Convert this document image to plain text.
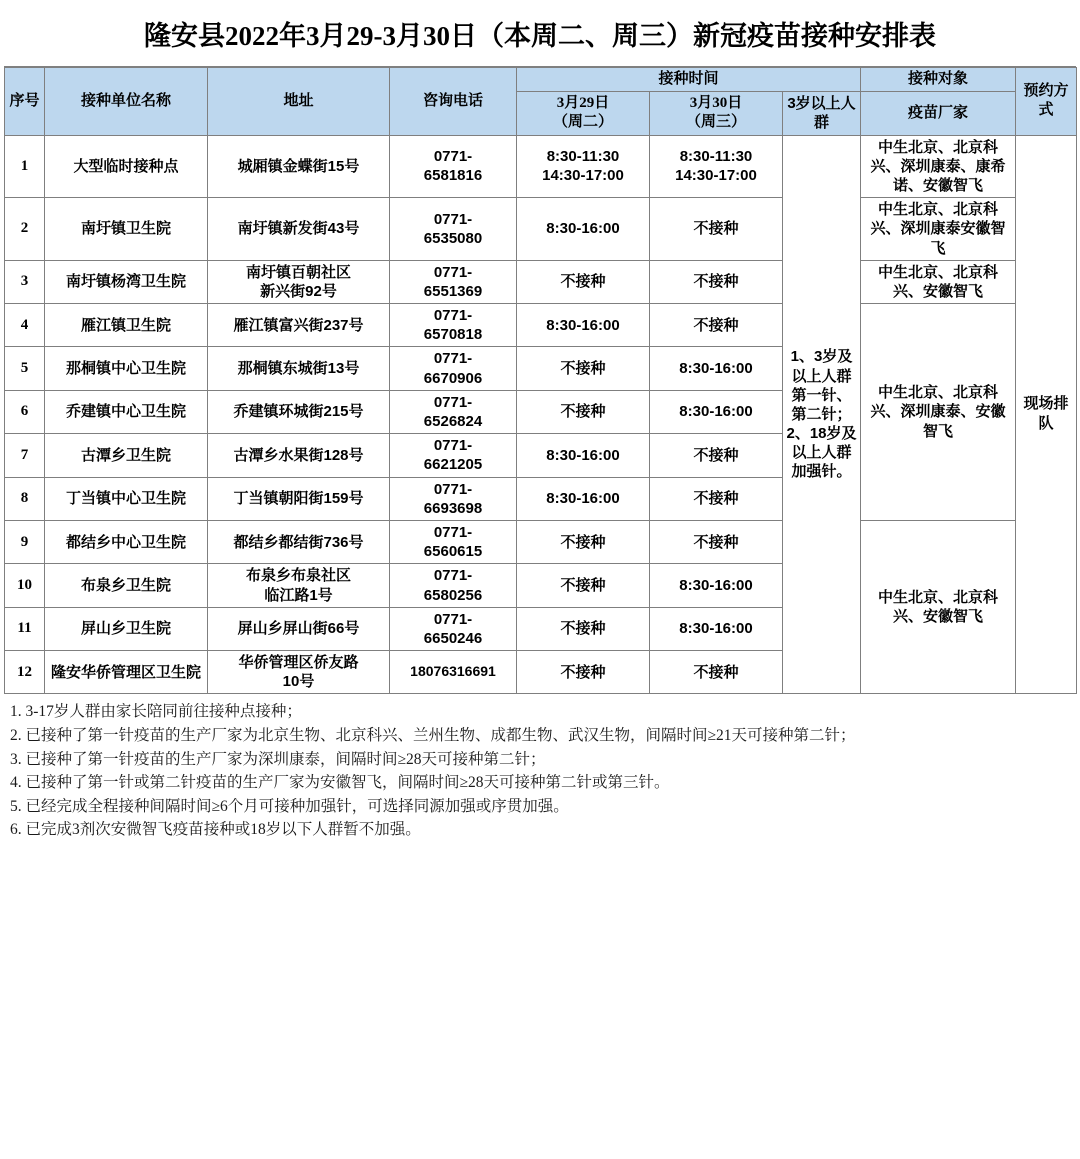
隆安县2022年3月29-3月30日（本周二、周三）新冠疫苗接种安排表
序号	接种单位名称	地址	咨询电话	接种时间			接种对象	预约方式
				3月29日
（周二）	3月30日
（周三）	3岁以上人群	疫苗厂家	
1	大型临时接种点	城厢镇金蝶街15号	0771-
6581816	8:30-11:30
14:30-17:00	8:30-11:30
14:30-17:00	1、3岁及以上人群第一针、第二针；2、18岁及以上人群加强针。	中生北京、北京科兴、深圳康泰、康希诺、安徽智飞	现场排队
2	南圩镇卫生院	南圩镇新发街43号	0771-
6535080	8:30-16:00	不接种		中生北京、北京科兴、深圳康泰安徽智飞	
3	南圩镇杨湾卫生院	南圩镇百朝社区
新兴街92号	0771-
6551369	不接种	不接种		中生北京、北京科兴、安徽智飞	
4	雁江镇卫生院	雁江镇富兴街237号	0771-
6570818	8:30-16:00	不接种		中生北京、北京科兴、深圳康泰、安徽智飞	
5	那桐镇中心卫生院	那桐镇东城街13号	0771-
6670906	不接种	8:30-16:00			
6	乔建镇中心卫生院	乔建镇环城街215号	0771-
6526824	不接种	8:30-16:00			
7	古潭乡卫生院	古潭乡水果街128号	0771-
6621205	8:30-16:00	不接种			
8	丁当镇中心卫生院	丁当镇朝阳街159号	0771-
6693698	8:30-16:00	不接种			
9	都结乡中心卫生院	都结乡都结街736号	0771-
6560615	不接种	不接种		中生北京、北京科兴、安徽智飞	
10	布泉乡卫生院	布泉乡布泉社区
临江路1号	0771-
6580256	不接种	8:30-16:00			
11	屏山乡卫生院	屏山乡屏山街66号	0771-
6650246	不接种	8:30-16:00			
12	隆安华侨管理区卫生院	华侨管理区侨友路
10号	18076316691	不接种	不接种			
1. 3-17岁人群由家长陪同前往接种点接种；
2. 已接种了第一针疫苗的生产厂家为北京生物、北京科兴、兰州生物、成都生物、武汉生物，间隔时间≥21天可接种第二针；
3. 已接种了第一针疫苗的生产厂家为深圳康泰，间隔时间≥28天可接种第二针；
4. 已接种了第一针或第二针疫苗的生产厂家为安徽智飞，间隔时间≥28天可接种第二针或第三针。
5. 已经完成全程接种间隔时间≥6个月可接种加强针，可选择同源加强或序贯加强。
6. 已完成3剂次安微智飞疫苗接种或18岁以下人群暂不加强。
